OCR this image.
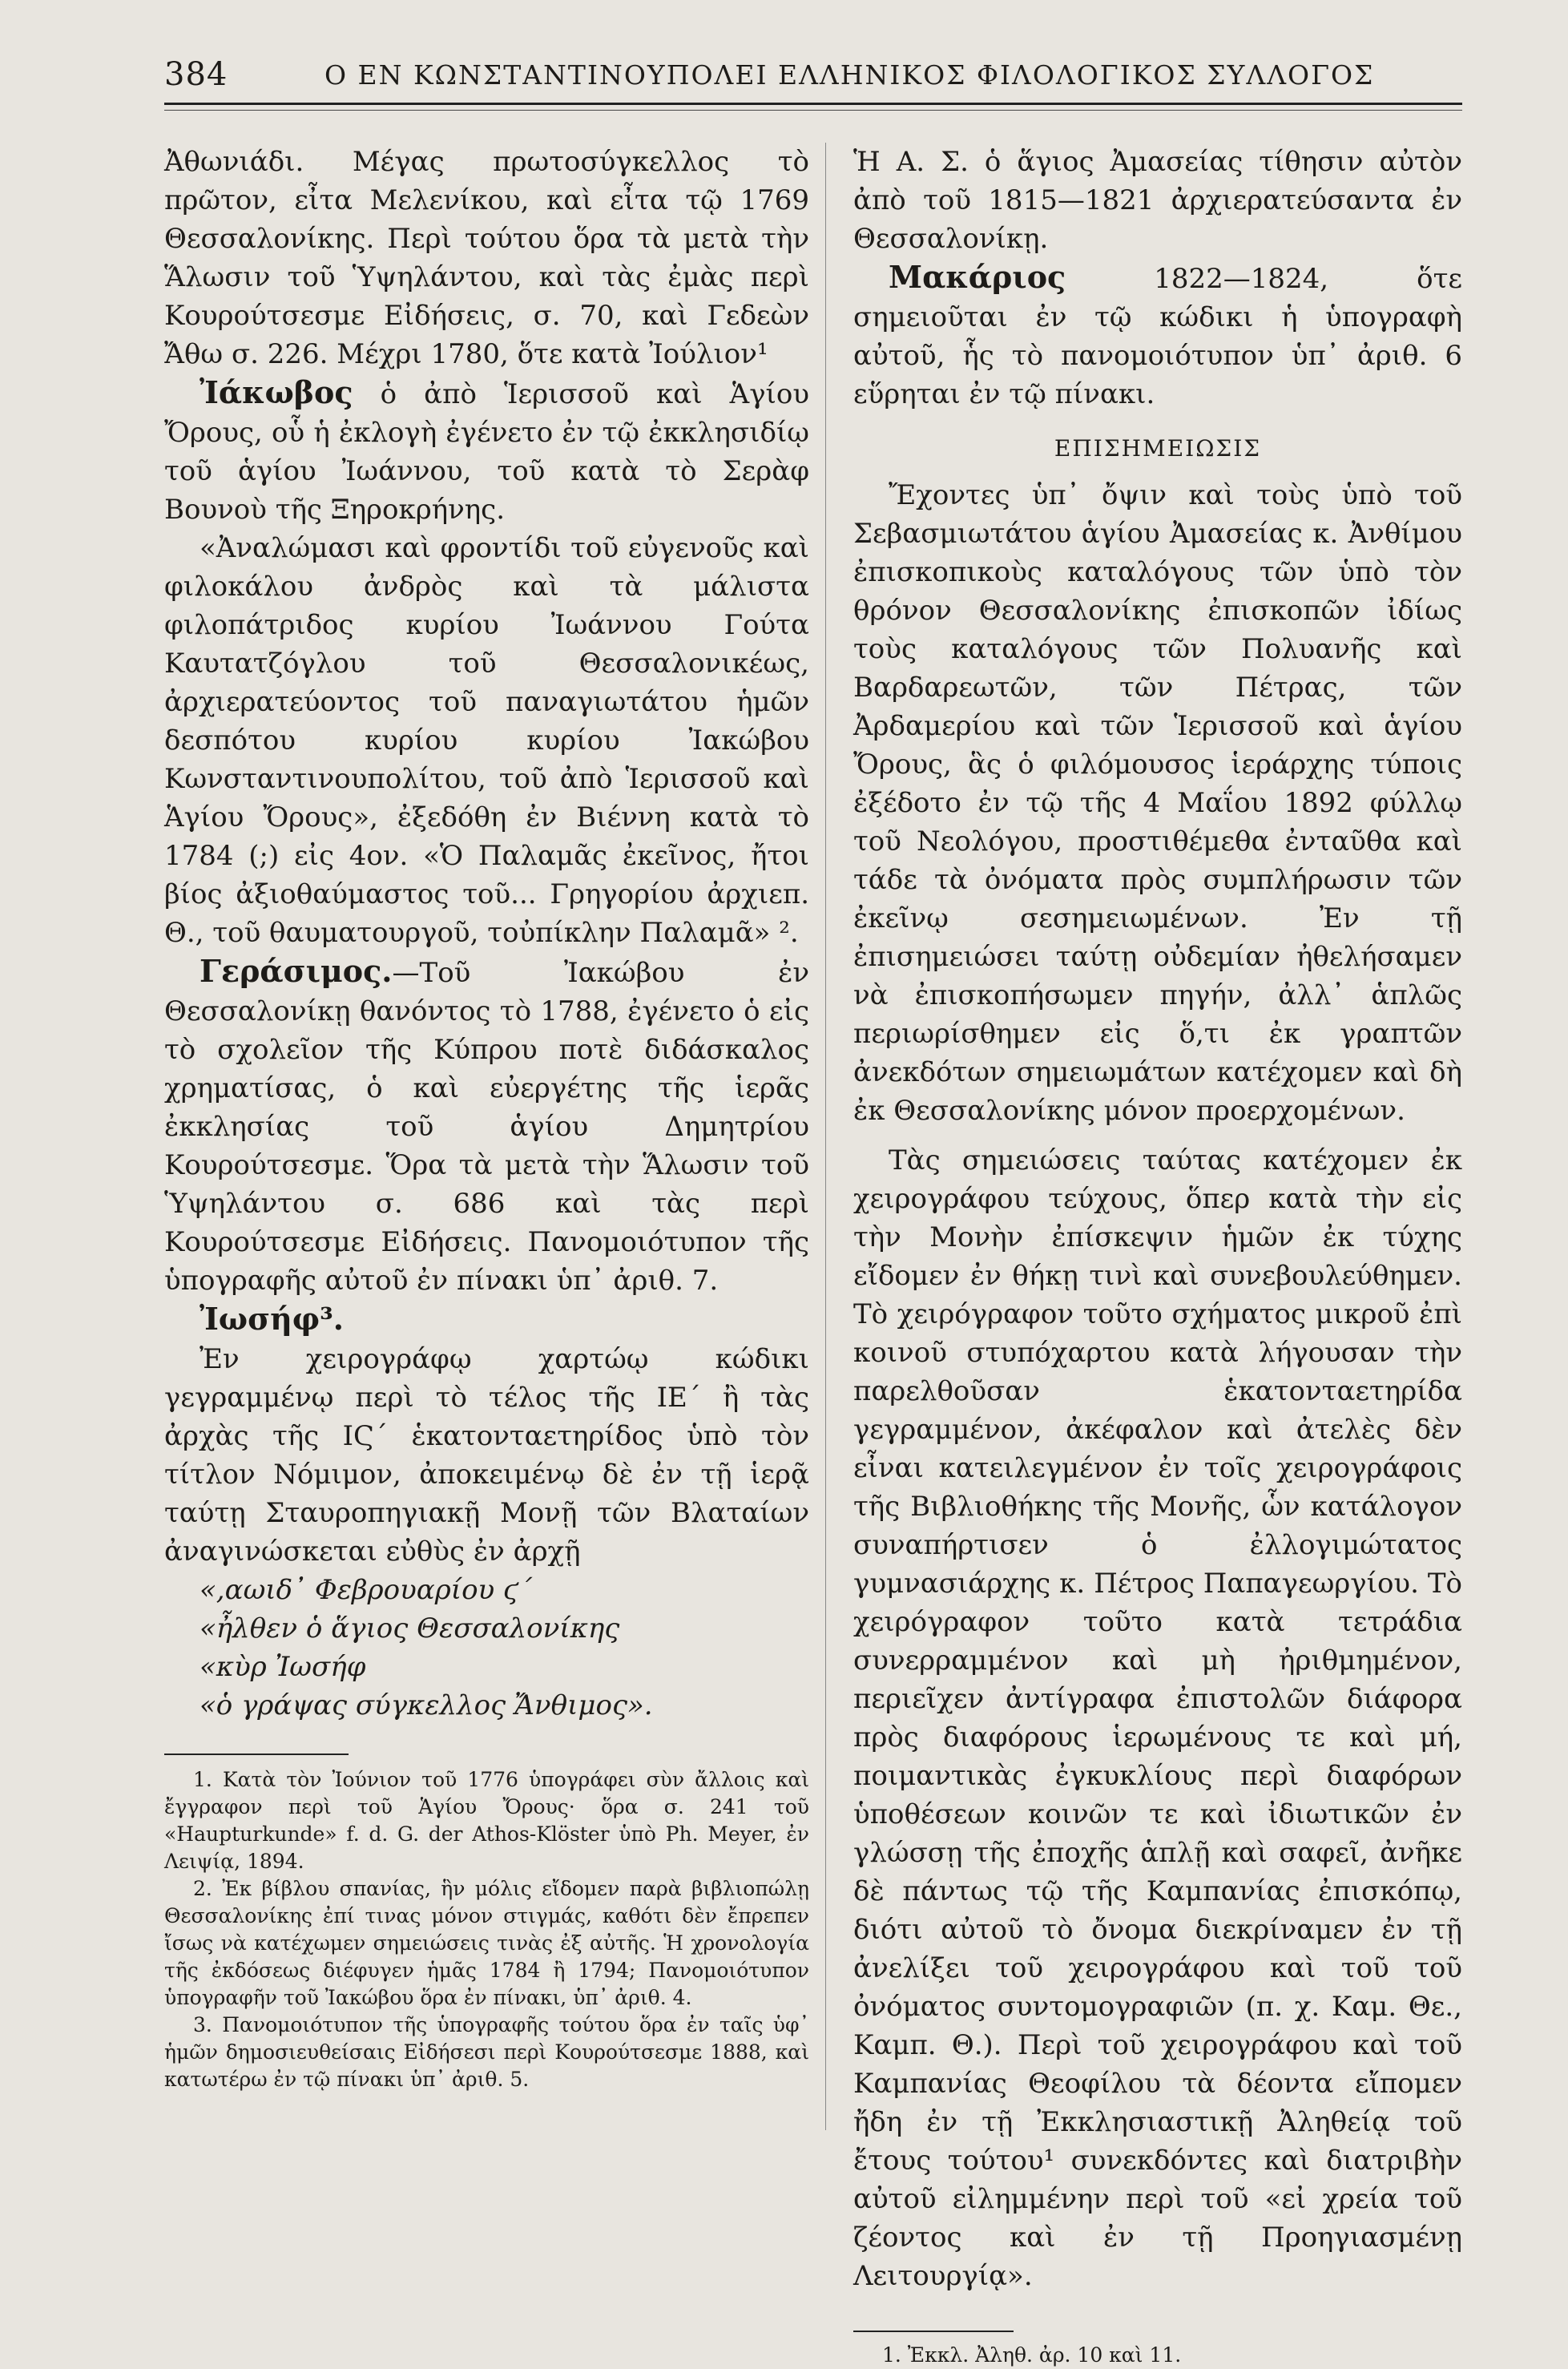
384	Ο ΕΝ ΚΩΝΣΤΑΝΤΙΝΟΥΠΟΛΕΙ ΕΛΛΗΝΙΚΟΣ ΦΙΛΟΛΟΓΙΚΟΣ ΣΥΛΛΟΓΟΣ

Ἀθωνιάδι. Μέγας πρωτοσύγκελλος τὸ πρῶτον, εἶτα Μελενίκου, καὶ εἶτα τῷ 1769 Θεσσαλονίκης. Περὶ τούτου ὅρα τὰ μετὰ τὴν Ἅλωσιν τοῦ Ὑψηλάντου, καὶ τὰς ἐμὰς περὶ Κουρούτσεσμε Εἰδήσεις, σ. 70, καὶ Γεδεὼν Ἄθω σ. 226. Μέχρι 1780, ὅτε κατὰ Ἰούλιον¹

Ἰάκωβος ὁ ἀπὸ Ἱερισσοῦ καὶ Ἁγίου Ὄρους, οὗ ἡ ἐκλογὴ ἐγένετο ἐν τῷ ἐκκλησιδίῳ τοῦ ἁγίου Ἰωάννου, τοῦ κατὰ τὸ Σερὰφ Βουνοὺ τῆς Ξηροκρήνης.

«Ἀναλώμασι καὶ φροντίδι τοῦ εὐγενοῦς καὶ φιλοκάλου ἀνδρὸς καὶ τὰ μάλιστα φιλοπάτριδος κυρίου Ἰωάννου Γούτα Καυτατζόγλου τοῦ Θεσσαλονικέως, ἀρχιερατεύοντος τοῦ παναγιωτάτου ἡμῶν δεσπότου κυρίου κυρίου Ἰακώβου Κωνσταντινουπολίτου, τοῦ ἀπὸ Ἱερισσοῦ καὶ Ἁγίου Ὄρους», ἐξεδόθη ἐν Βιέννη κατὰ τὸ 1784 (;) εἰς 4ον. «Ὁ Παλαμᾶς ἐκεῖνος, ἤτοι βίος ἀξιοθαύμαστος τοῦ... Γρηγορίου ἀρχιεπ. Θ., τοῦ θαυματουργοῦ, τοὐπίκλην Παλαμᾶ» ².

Γεράσιμος.—Τοῦ Ἰακώβου ἐν Θεσσαλονίκῃ θανόντος τὸ 1788, ἐγένετο ὁ εἰς τὸ σχολεῖον τῆς Κύπρου ποτὲ διδάσκαλος χρηματίσας, ὁ καὶ εὐεργέτης τῆς ἱερᾶς ἐκκλησίας τοῦ ἁγίου Δημητρίου Κουρούτσεσμε. Ὅρα τὰ μετὰ τὴν Ἅλωσιν τοῦ Ὑψηλάντου σ. 686 καὶ τὰς περὶ Κουρούτσεσμε Εἰδήσεις. Πανομοιότυπον τῆς ὑπογραφῆς αὐτοῦ ἐν πίνακι ὑπ᾽ ἀριθ. 7.

Ἰωσήφ³.

Ἐν χειρογράφῳ χαρτώῳ κώδικι γεγραμμένῳ περὶ τὸ τέλος τῆς ΙΕ´ ἢ τὰς ἀρχὰς τῆς ΙϚ´ ἑκατονταετηρίδος ὑπὸ τὸν τίτλον Νόμιμον, ἀποκειμένῳ δὲ ἐν τῇ ἱερᾷ ταύτῃ Σταυροπηγιακῇ Μονῇ τῶν Βλαταίων ἀναγινώσκεται εὐθὺς ἐν ἀρχῇ

«,αωιδ᾽ Φεβρουαρίου ϛ´

«ἦλθεν ὁ ἅγιος Θεσσαλονίκης

«κὺρ Ἰωσήφ

«ὁ γράψας σύγκελλος Ἄνθιμος».

1. Κατὰ τὸν Ἰούνιον τοῦ 1776 ὑπογράφει σὺν ἄλλοις καὶ ἔγγραφον περὶ τοῦ Ἁγίου Ὄρους· ὅρα σ. 241 τοῦ «Haupturkunde» f. d. G. der Athos-Klöster ὑπὸ Ph. Meyer, ἐν Λειψίᾳ, 1894.

2. Ἐκ βίβλου σπανίας, ἣν μόλις εἴδομεν παρὰ βιβλιοπώλῃ Θεσσαλονίκης ἐπί τινας μόνον στιγμάς, καθότι δὲν ἔπρεπεν ἴσως νὰ κατέχωμεν σημειώσεις τινὰς ἐξ αὐτῆς. Ἡ χρονολογία τῆς ἐκδόσεως διέφυγεν ἡμᾶς 1784 ἢ 1794; Πανομοιότυπον ὑπογραφῆν τοῦ Ἰακώβου ὅρα ἐν πίνακι, ὑπ᾽ ἀριθ. 4.

3. Πανομοιότυπον τῆς ὑπογραφῆς τούτου ὅρα ἐν ταῖς ὑφ᾽ ἡμῶν δημοσιευθείσαις Εἰδήσεσι περὶ Κουρούτσεσμε 1888, καὶ κατωτέρω ἐν τῷ πίνακι ὑπ᾽ ἀριθ. 5.

Ἡ Α. Σ. ὁ ἅγιος Ἀμασείας τίθησιν αὐτὸν ἀπὸ τοῦ 1815—1821 ἀρχιερατεύσαντα ἐν Θεσσαλονίκῃ.

Μακάριος 1822—1824, ὅτε σημειοῦται ἐν τῷ κώδικι ἡ ὑπογραφὴ αὐτοῦ, ἧς τὸ πανομοιότυπον ὑπ᾽ ἀριθ. 6 εὕρηται ἐν τῷ πίνακι.

ΕΠΙΣΗΜΕΙΩΣΙΣ

Ἔχοντες ὑπ᾽ ὄψιν καὶ τοὺς ὑπὸ τοῦ Σεβασμιωτάτου ἁγίου Ἀμασείας κ. Ἀνθίμου ἐπισκοπικοὺς καταλόγους τῶν ὑπὸ τὸν θρόνον Θεσσαλονίκης ἐπισκοπῶν ἰδίως τοὺς καταλόγους τῶν Πολυανῆς καὶ Βαρδαρεωτῶν, τῶν Πέτρας, τῶν Ἀρδαμερίου καὶ τῶν Ἱερισσοῦ καὶ ἁγίου Ὄρους, ἃς ὁ φιλόμουσος ἱεράρχης τύποις ἐξέδοτο ἐν τῷ τῆς 4 Μαΐου 1892 φύλλῳ τοῦ Νεολόγου, προστιθέμεθα ἐνταῦθα καὶ τάδε τὰ ὀνόματα πρὸς συμπλήρωσιν τῶν ἐκεῖνῳ σεσημειωμένων. Ἐν τῇ ἐπισημειώσει ταύτῃ οὐδεμίαν ἠθελήσαμεν νὰ ἐπισκοπήσωμεν πηγήν, ἀλλ᾽ ἁπλῶς περιωρίσθημεν εἰς ὅ,τι ἐκ γραπτῶν ἀνεκδότων σημειωμάτων κατέχομεν καὶ δὴ ἐκ Θεσσαλονίκης μόνον προερχομένων.

Τὰς σημειώσεις ταύτας κατέχομεν ἐκ χειρογράφου τεύχους, ὅπερ κατὰ τὴν εἰς τὴν Μονὴν ἐπίσκεψιν ἡμῶν ἐκ τύχης εἴδομεν ἐν θήκῃ τινὶ καὶ συνεβουλεύθημεν. Τὸ χειρόγραφον τοῦτο σχήματος μικροῦ ἐπὶ κοινοῦ στυπόχαρτου κατὰ λήγουσαν τὴν παρελθοῦσαν ἑκατονταετηρίδα γεγραμμένον, ἀκέφαλον καὶ ἀτελὲς δὲν εἶναι κατειλεγμένον ἐν τοῖς χειρογράφοις τῆς Βιβλιοθήκης τῆς Μονῆς, ὧν κατάλογον συναπήρτισεν ὁ ἐλλογιμώτατος γυμνασιάρχης κ. Πέτρος Παπαγεωργίου. Τὸ χειρόγραφον τοῦτο κατὰ τετράδια συνερραμμένον καὶ μὴ ἠριθμημένον, περιεῖχεν ἀντίγραφα ἐπιστολῶν διάφορα πρὸς διαφόρους ἱερωμένους τε καὶ μή, ποιμαντικὰς ἐγκυκλίους περὶ διαφόρων ὑποθέσεων κοινῶν τε καὶ ἰδιωτικῶν ἐν γλώσσῃ τῆς ἐποχῆς ἁπλῇ καὶ σαφεῖ, ἀνῆκε δὲ πάντως τῷ τῆς Καμπανίας ἐπισκόπῳ, διότι αὐτοῦ τὸ ὄνομα διεκρίναμεν ἐν τῇ ἀνελίξει τοῦ χειρογράφου καὶ τοῦ τοῦ ὀνόματος συντομογραφιῶν (π. χ. Καμ. Θε., Καμπ. Θ.). Περὶ τοῦ χειρογράφου καὶ τοῦ Καμπανίας Θεοφίλου τὰ δέοντα εἴπομεν ἤδη ἐν τῇ Ἐκκλησιαστικῇ Ἀληθείᾳ τοῦ ἔτους τούτου¹ συνεκδόντες καὶ διατριβὴν αὐτοῦ εἰλημμένην περὶ τοῦ «εἰ χρεία τοῦ ζέοντος καὶ ἐν τῇ Προηγιασμένῃ Λειτουργίᾳ».

1. Ἐκκλ. Ἀληθ. ἀρ. 10 καὶ 11.
